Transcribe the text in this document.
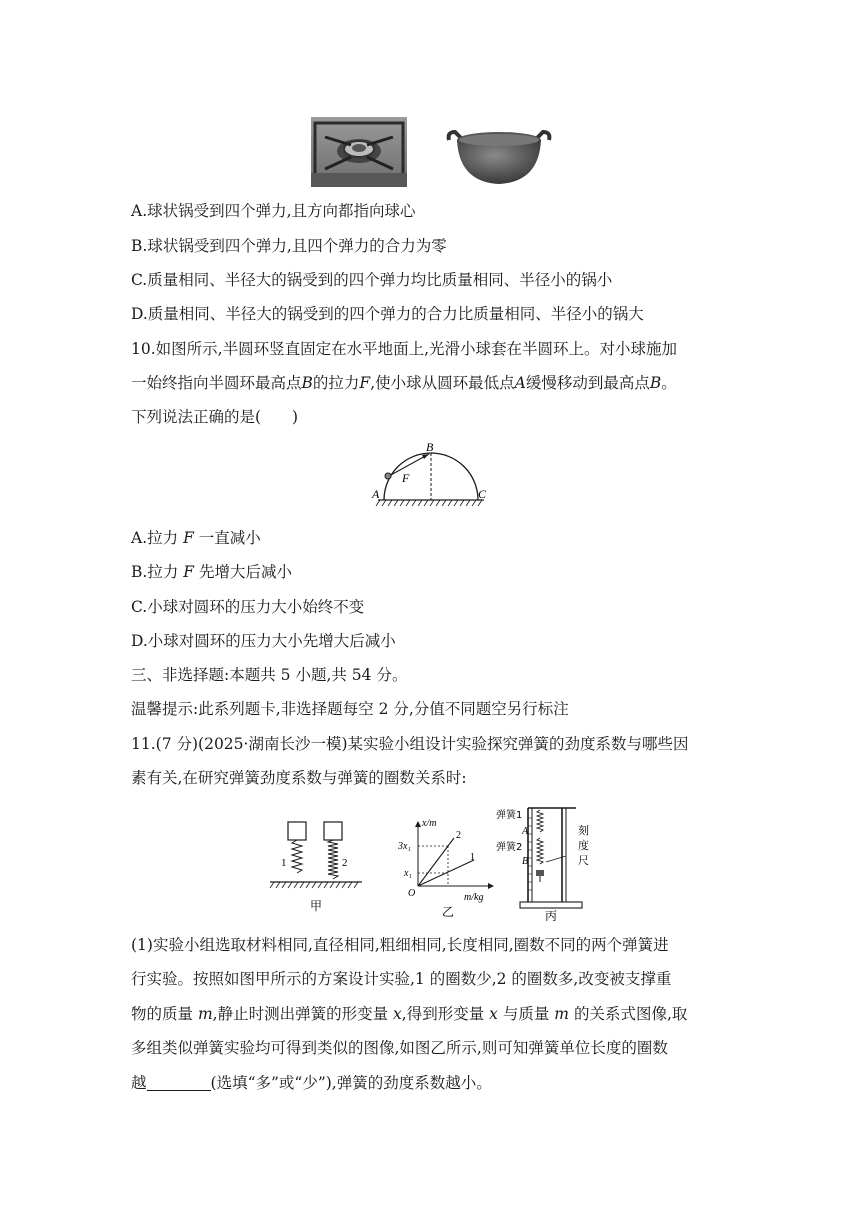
A.球状锅受到四个弹力,且方向都指向球心
B.球状锅受到四个弹力,且四个弹力的合力为零
C.质量相同、半径大的锅受到的四个弹力均比质量相同、半径小的锅小
D.质量相同、半径大的锅受到的四个弹力的合力比质量相同、半径小的锅大
10.如图所示,半圆环竖直固定在水平地面上,光滑小球套在半圆环上。对小球施加
一始终指向半圆环最高点B的拉力F,使小球从圆环最低点A缓慢移动到最高点B。
下列说法正确的是(　　)
B
F
A	C
A.拉力 F 一直减小
B.拉力 F 先增大后减小
C.小球对圆环的压力大小始终不变
D.小球对圆环的压力大小先增大后减小
三、非选择题:本题共 5 小题,共 54 分。
温馨提示:此系列题卡,非选择题每空 2 分,分值不同题空另行标注
11.(7 分)(2025·湖南长沙一模)某实验小组设计实验探究弹簧的劲度系数与哪些因
素有关,在研究弹簧劲度系数与弹簧的圈数关系时:
1	2
甲
x/m
m/kg
3x₁
x₁
O
2
1
乙
弹簧1
A
弹簧2
B
刻
度
尺
丙
(1)实验小组选取材料相同,直径相同,粗细相同,长度相同,圈数不同的两个弹簧进
行实验。按照如图甲所示的方案设计实验,1 的圈数少,2 的圈数多,改变被支撑重
物的质量 m,静止时测出弹簧的形变量 x,得到形变量 x 与质量 m 的关系式图像,取
多组类似弹簧实验均可得到类似的图像,如图乙所示,则可知弹簧单位长度的圈数
越	(选填“多”或“少”),弹簧的劲度系数越小。
